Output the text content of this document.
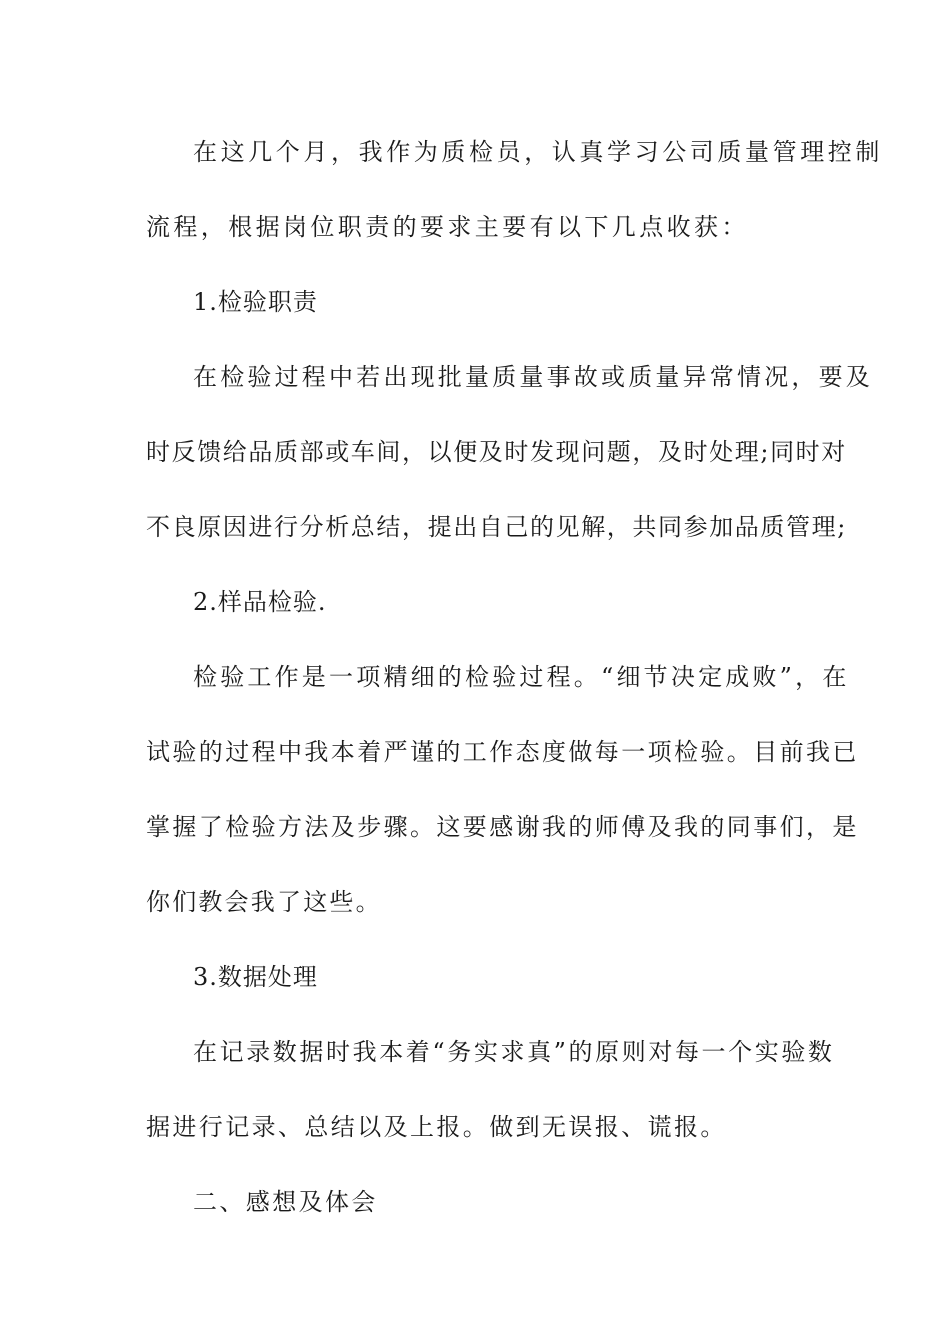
在这几个月，我作为质检员，认真学习公司质量管理控制
流程，根据岗位职责的要求主要有以下几点收获：
1.检验职责
在检验过程中若出现批量质量事故或质量异常情况，要及
时反馈给品质部或车间，以便及时发现问题，及时处理;同时对
不良原因进行分析总结，提出自己的见解，共同参加品质管理;
2.样品检验.
检验工作是一项精细的检验过程。“细节决定成败”，在
试验的过程中我本着严谨的工作态度做每一项检验。目前我已
掌握了检验方法及步骤。这要感谢我的师傅及我的同事们，是
你们教会我了这些。
3.数据处理
在记录数据时我本着“务实求真”的原则对每一个实验数
据进行记录、总结以及上报。做到无误报、谎报。
二、感想及体会
